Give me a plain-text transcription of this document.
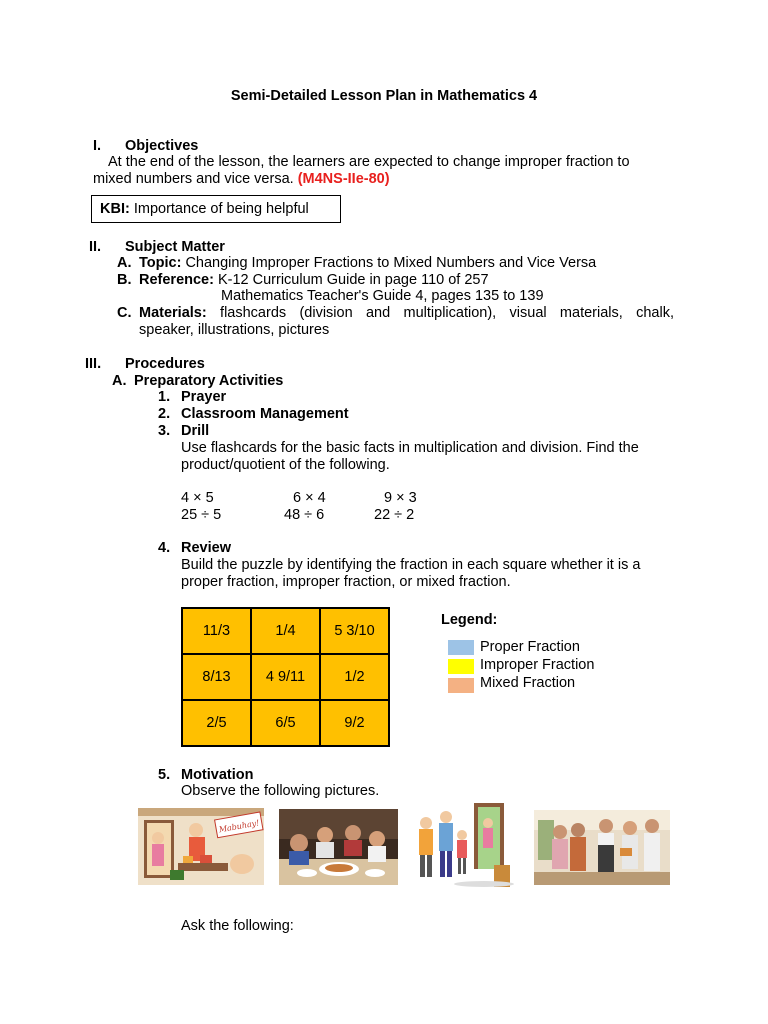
Semi-Detailed Lesson Plan in Mathematics 4
I. Objectives
At the end of the lesson, the learners are expected to change improper fraction to
mixed numbers and vice versa. (M4NS-IIe-80)
KBI: Importance of being helpful
II. Subject Matter
A. Topic: Changing Improper Fractions to Mixed Numbers and Vice Versa
B. Reference: K-12 Curriculum Guide in page 110 of 257
Mathematics Teacher's Guide 4, pages 135 to 139
C. Materials: flashcards (division and multiplication), visual materials, chalk,
speaker, illustrations, pictures
III. Procedures
A. Preparatory Activities
1. Prayer
2. Classroom Management
3. Drill
Use flashcards for the basic facts in multiplication and division. Find the
product/quotient of the following.
4 × 5	6 × 4	9 × 3
25 ÷ 5	48 ÷ 6	22 ÷ 2
4. Review
Build the puzzle by identifying the fraction in each square whether it is a
proper fraction, improper fraction, or mixed fraction.
11/3	1/4	5 3/10
8/13	4 9/11	1/2
2/5	6/5	9/2
Legend:
Proper Fraction
Improper Fraction
Mixed Fraction
5. Motivation
Observe the following pictures.
Mabuhay!
Ask the following:
